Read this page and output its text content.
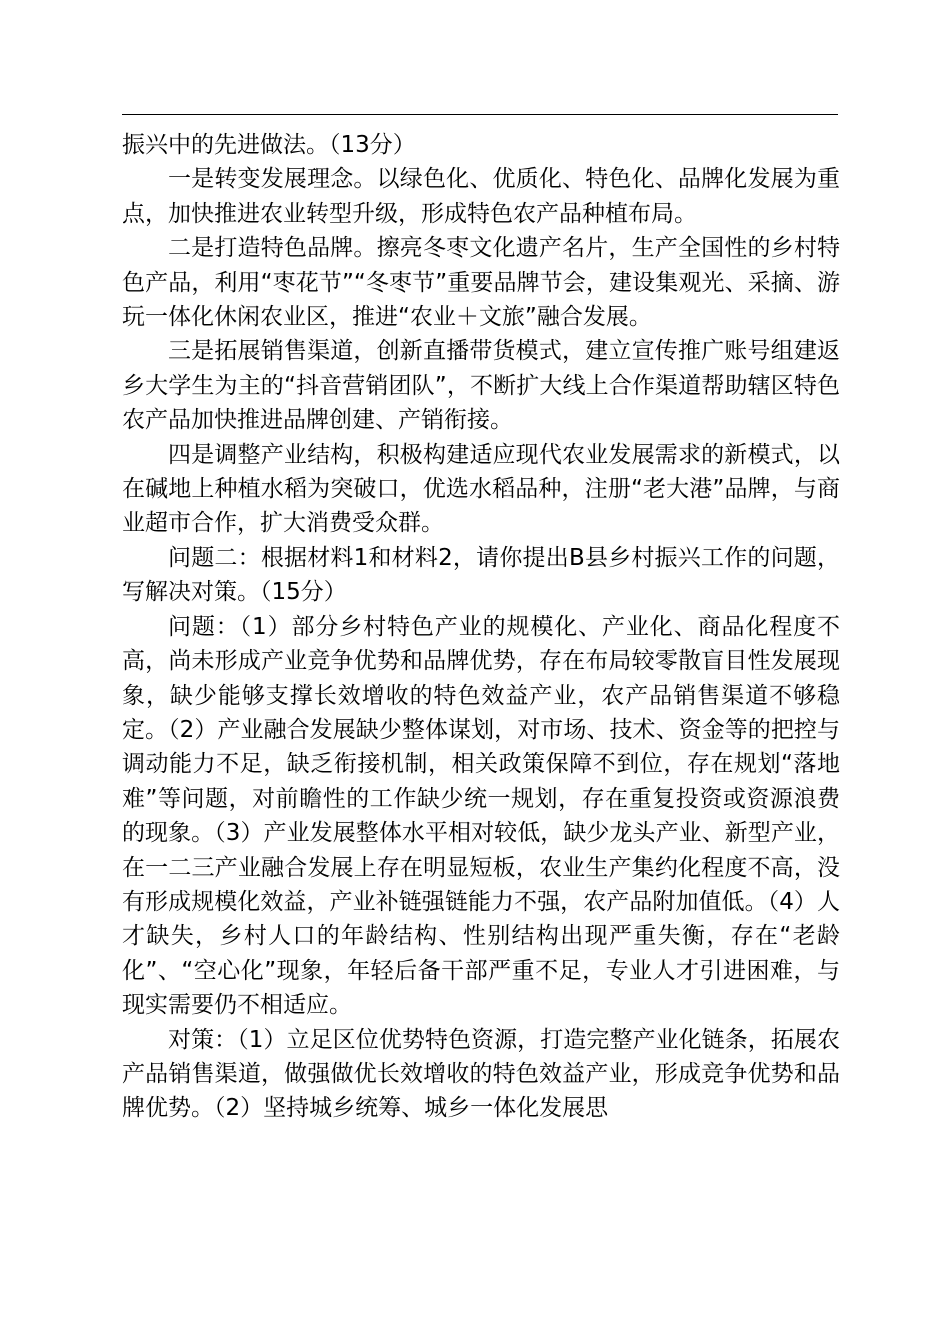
振兴中的先进做法。（13分）

一是转变发展理念。以绿色化、优质化、特色化、品牌化发展为重点，加快推进农业转型升级，形成特色农产品种植布局。

二是打造特色品牌。擦亮冬枣文化遗产名片，生产全国性的乡村特色产品，利用“枣花节”“冬枣节”重要品牌节会，建设集观光、采摘、游玩一体化休闲农业区，推进“农业＋文旅”融合发展。

三是拓展销售渠道，创新直播带货模式，建立宣传推广账号组建返乡大学生为主的“抖音营销团队”，不断扩大线上合作渠道帮助辖区特色农产品加快推进品牌创建、产销衔接。

四是调整产业结构，积极构建适应现代农业发展需求的新模式，以在碱地上种植水稻为突破口，优选水稻品种，注册“老大港”品牌，与商业超市合作，扩大消费受众群。

问题二：根据材料1和材料2，请你提出B县乡村振兴工作的问题，写解决对策。（15分）

问题：（1）部分乡村特色产业的规模化、产业化、商品化程度不高，尚未形成产业竞争优势和品牌优势，存在布局较零散盲目性发展现象，缺少能够支撑长效增收的特色效益产业，农产品销售渠道不够稳定。（2）产业融合发展缺少整体谋划，对市场、技术、资金等的把控与调动能力不足，缺乏衔接机制，相关政策保障不到位，存在规划“落地难”等问题，对前瞻性的工作缺少统一规划，存在重复投资或资源浪费的现象。（3）产业发展整体水平相对较低，缺少龙头产业、新型产业，在一二三产业融合发展上存在明显短板，农业生产集约化程度不高，没有形成规模化效益，产业补链强链能力不强，农产品附加值低。（4）人才缺失，乡村人口的年龄结构、性别结构出现严重失衡，存在“老龄化”、“空心化”现象，年轻后备干部严重不足，专业人才引进困难，与现实需要仍不相适应。

对策：（1）立足区位优势特色资源，打造完整产业化链条，拓展农产品销售渠道，做强做优长效增收的特色效益产业，形成竞争优势和品牌优势。（2）坚持城乡统筹、城乡一体化发展思
